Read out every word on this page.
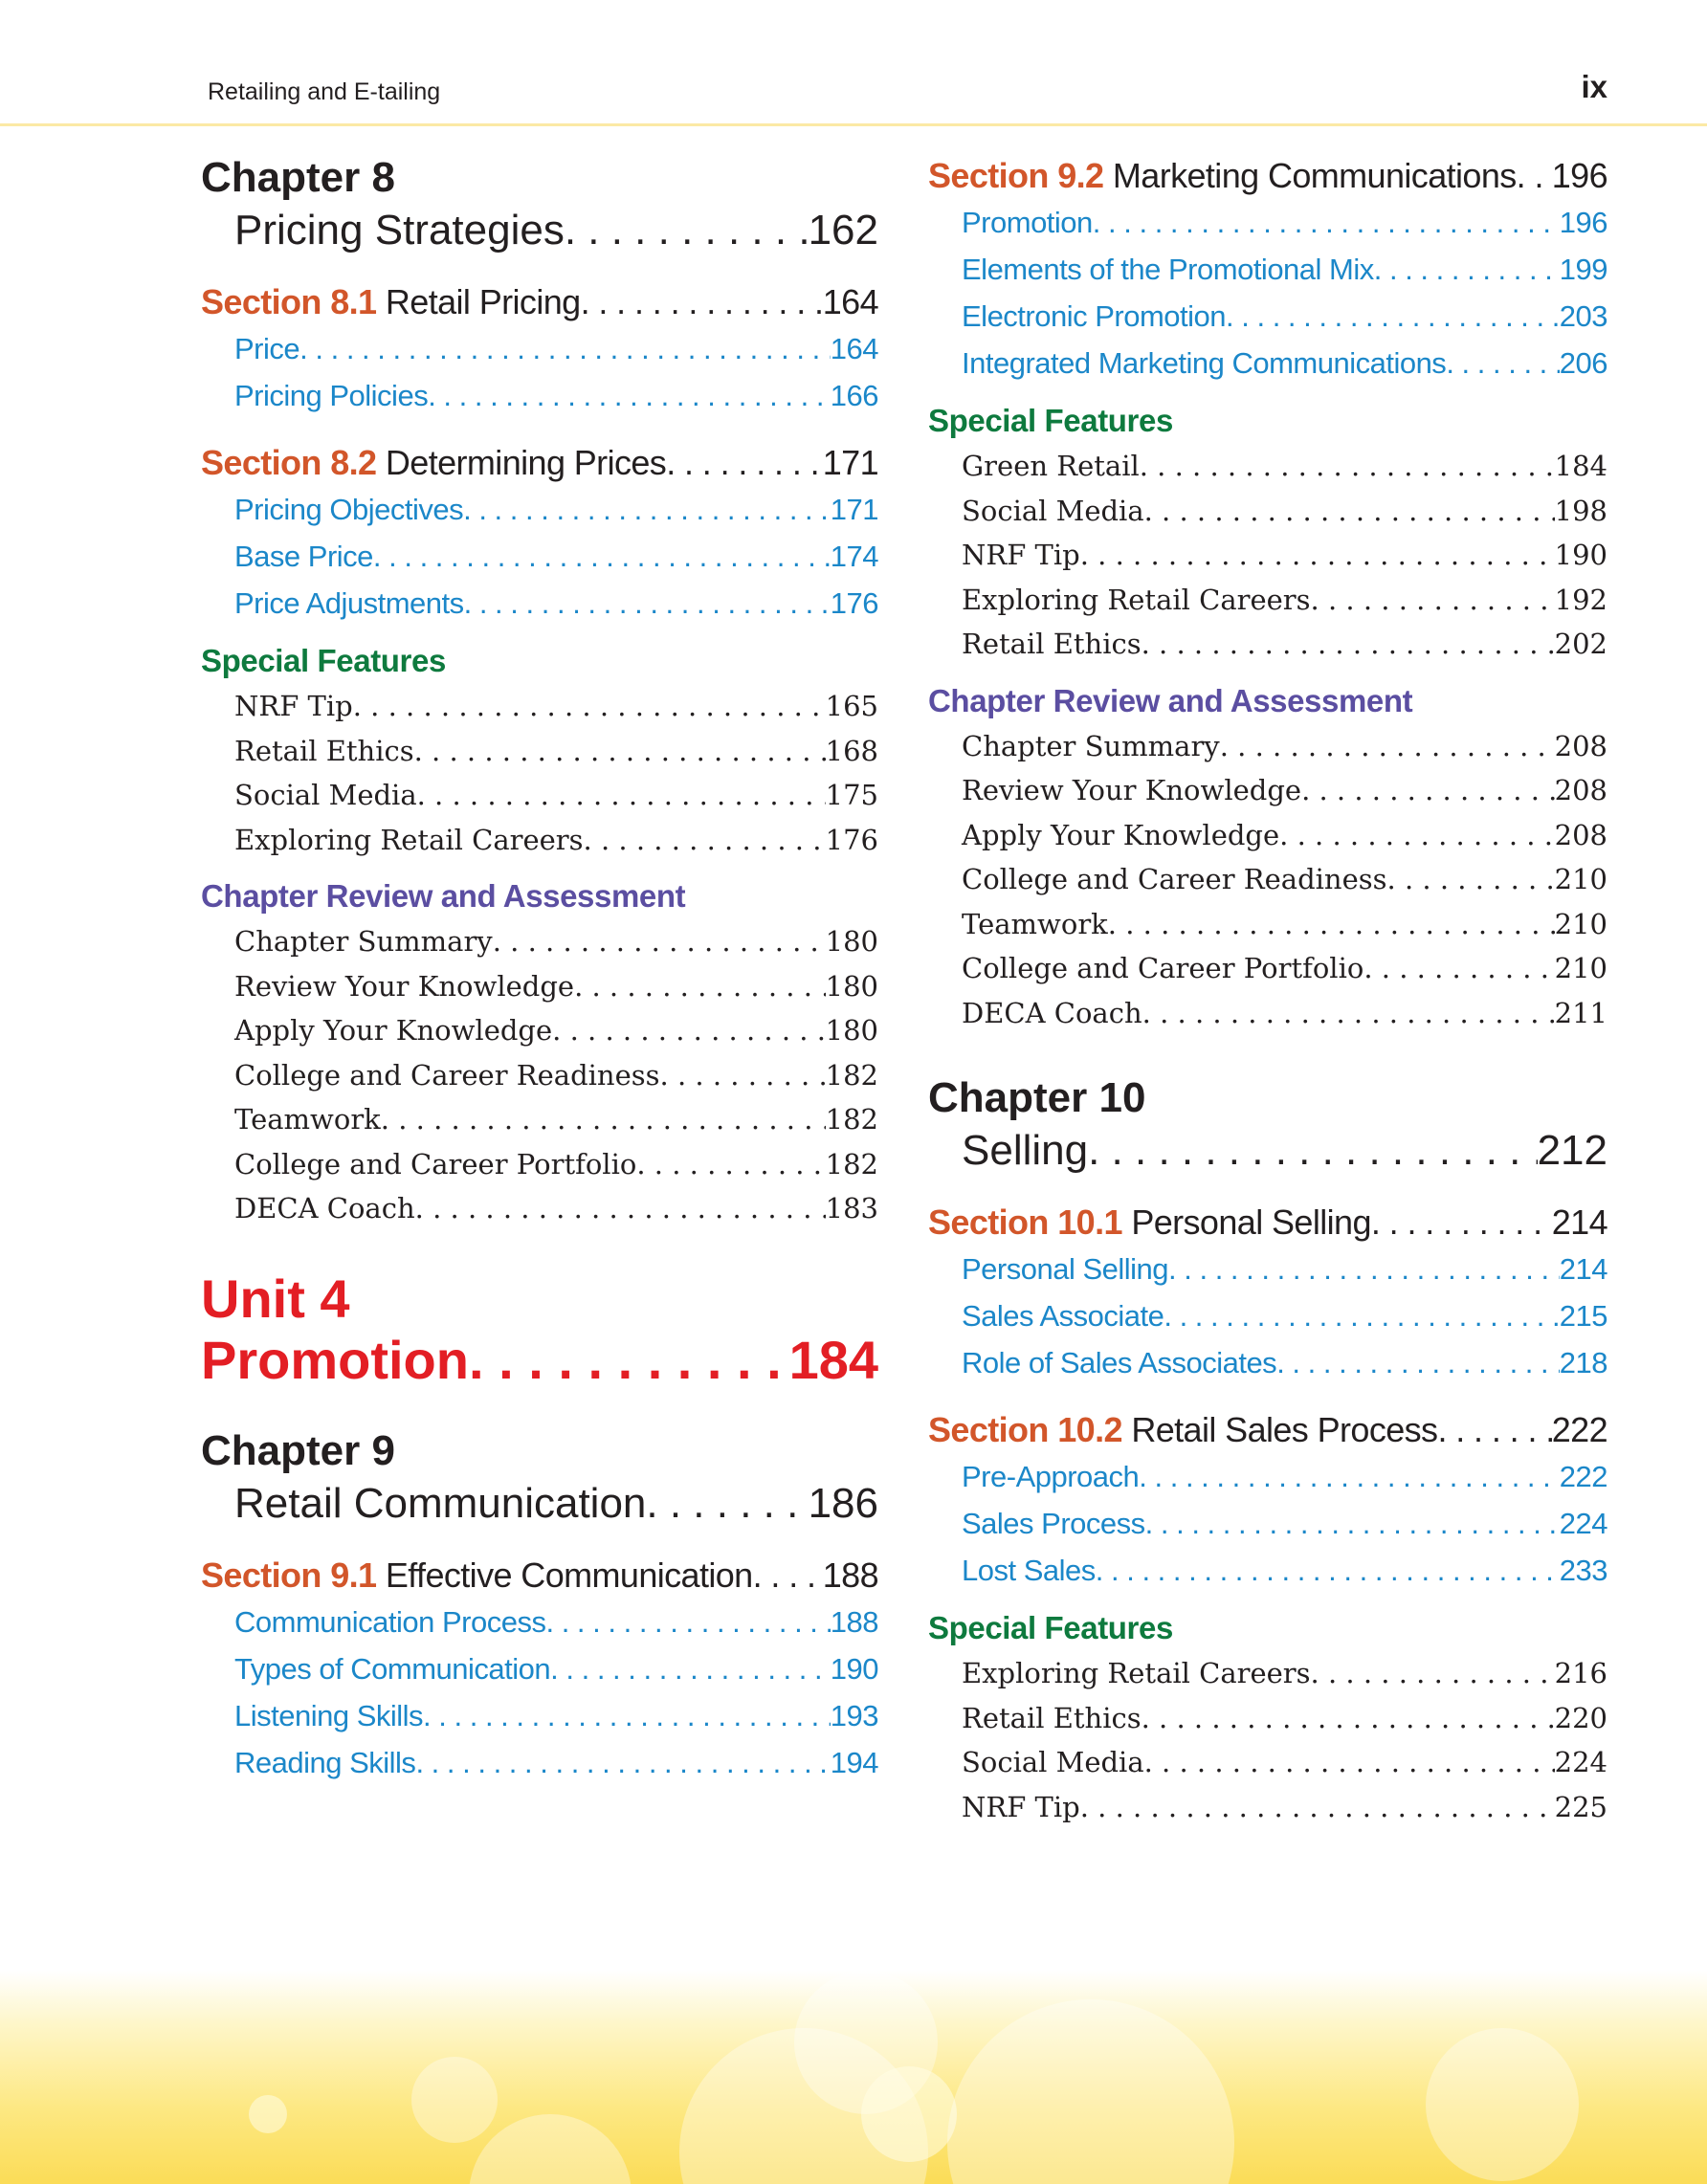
Retailing and E-tailing	ix
Chapter 8
Pricing Strategies . . .	162
Section 8.1 Retail Pricing . . .	164
Price . . .	164
Pricing Policies . . .	166
Section 8.2 Determining Prices . . .	171
Pricing Objectives . . .	171
Base Price . . .	174
Price Adjustments . . .	176
Special Features
NRF Tip . . .	165
Retail Ethics . . .	168
Social Media . . .	175
Exploring Retail Careers . . .	176
Chapter Review and Assessment
Chapter Summary . . .	180
Review Your Knowledge . . .	180
Apply Your Knowledge . . .	180
College and Career Readiness . . .	182
Teamwork . . .	182
College and Career Portfolio . . .	182
DECA Coach . . .	183
Unit 4
Promotion . . .	184
Chapter 9
Retail Communication . . .	186
Section 9.1 Effective Communication . . . 188
Communication Process . . .	188
Types of Communication . . .	190
Listening Skills . . .	193
Reading Skills . . .	194
Section 9.2 Marketing Communications . . . 196
Promotion . . .	196
Elements of the Promotional Mix . . .	199
Electronic Promotion . . .	203
Integrated Marketing Communications . . .	206
Special Features
Green Retail . . .	184
Social Media . . .	198
NRF Tip . . .	190
Exploring Retail Careers . . .	192
Retail Ethics . . .	202
Chapter Review and Assessment
Chapter Summary . . .	208
Review Your Knowledge . . .	208
Apply Your Knowledge . . .	208
College and Career Readiness . . .	210
Teamwork . . .	210
College and Career Portfolio . . .	210
DECA Coach . . .	211
Chapter 10
Selling . . .	212
Section 10.1 Personal Selling . . .	214
Personal Selling . . .	214
Sales Associate . . .	215
Role of Sales Associates . . .	218
Section 10.2 Retail Sales Process . . .	222
Pre-Approach . . .	222
Sales Process . . .	224
Lost Sales . . .	233
Special Features
Exploring Retail Careers . . .	216
Retail Ethics . . .	220
Social Media . . .	224
NRF Tip . . .	225
